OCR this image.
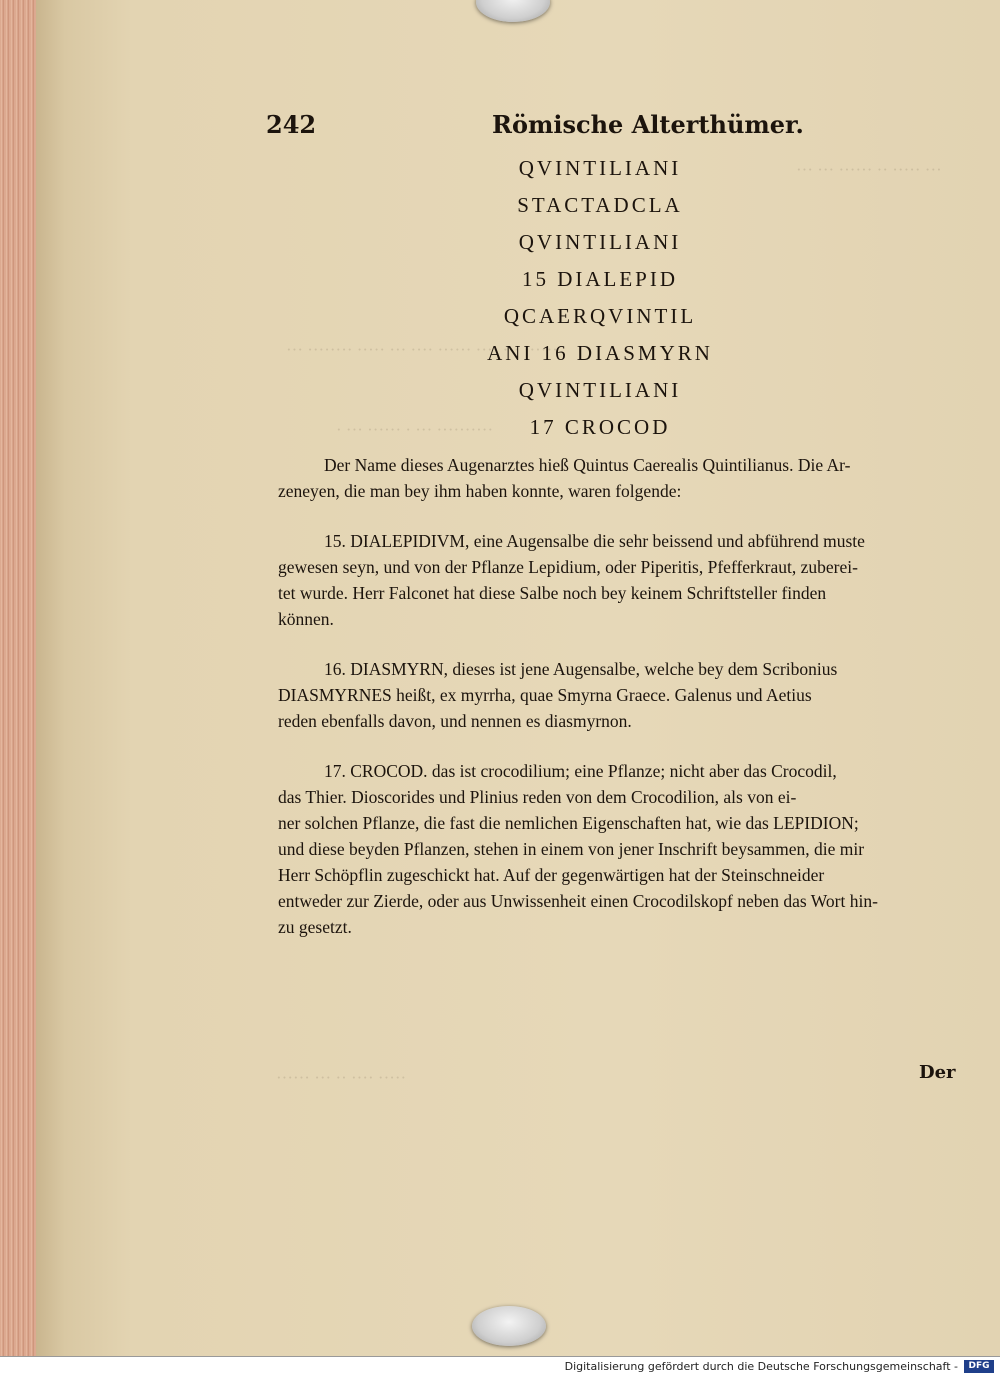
··· ··· ······ ·· ····· ···
··· ········ ····· ··· ···· ······ ···· ··· ······
· ··· ······ · ··· ··········
······ ··· ·· ···· ·····
242	Römische Alterthümer.
QVINTILIANI
STACTADCLA
QVINTILIANI
15 DIALEPID
QCAERQVINTIL
ANI 16 DIASMYRN
QVINTILIANI
17 CROCOD
Der Name dieses Augenarztes hieß Quintus Caerealis Quintilianus. Die Ar-
zeneyen, die man bey ihm haben konnte, waren folgende:
15. DIALEPIDIVM, eine Augensalbe die sehr beissend und abführend muste
gewesen seyn, und von der Pflanze Lepidium, oder Piperitis, Pfefferkraut, zuberei-
tet wurde. Herr Falconet hat diese Salbe noch bey keinem Schriftsteller finden
können.
16. DIASMYRN, dieses ist jene Augensalbe, welche bey dem Scribonius
DIASMYRNES heißt, ex myrrha, quae Smyrna Graece. Galenus und Aetius
reden ebenfalls davon, und nennen es diasmyrnon.
17. CROCOD. das ist crocodilium; eine Pflanze; nicht aber das Crocodil,
das Thier. Dioscorides und Plinius reden von dem Crocodilion, als von ei-
ner solchen Pflanze, die fast die nemlichen Eigenschaften hat, wie das LEPIDION;
und diese beyden Pflanzen, stehen in einem von jener Inschrift beysammen, die mir
Herr Schöpflin zugeschickt hat. Auf der gegenwärtigen hat der Steinschneider
entweder zur Zierde, oder aus Unwissenheit einen Crocodilskopf neben das Wort hin-
zu gesetzt.
Der
Digitalisierung gefördert durch die Deutsche Forschungsgemeinschaft -	DFG
